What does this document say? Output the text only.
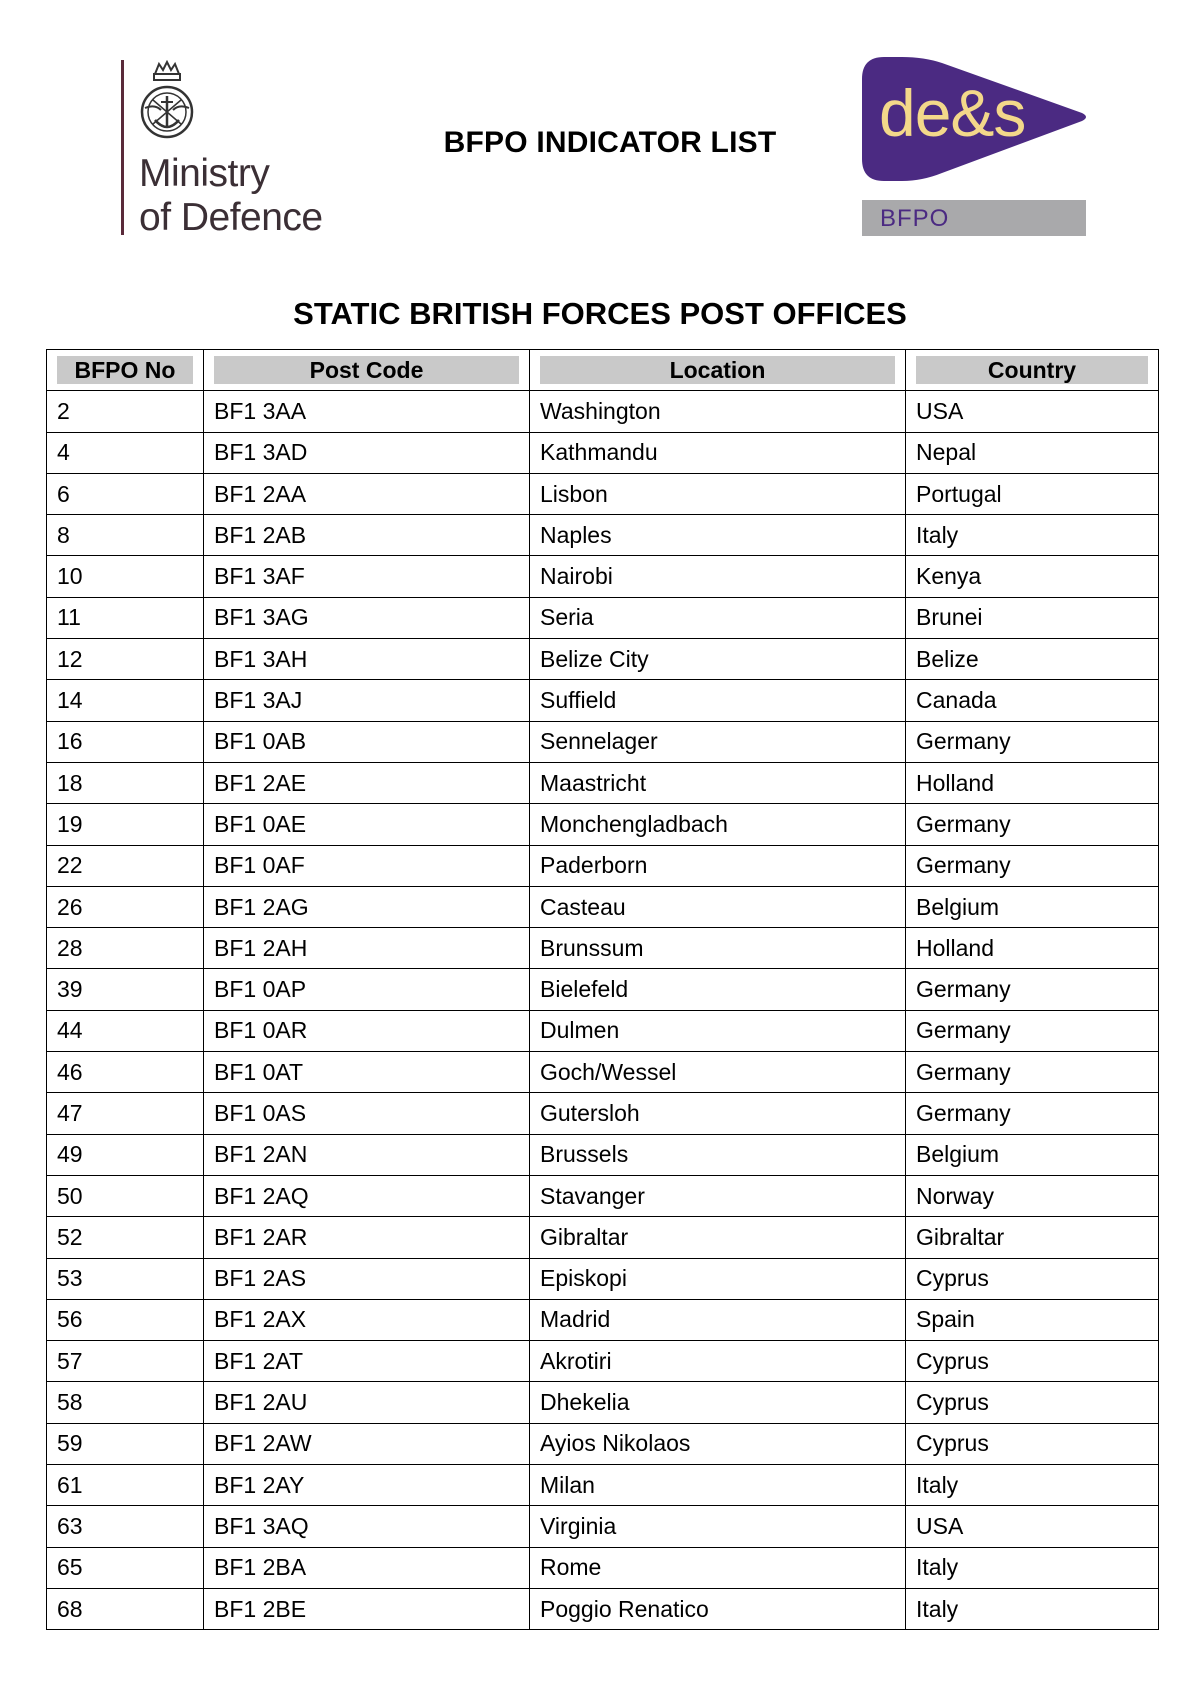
Ministry
of Defence
BFPO INDICATOR LIST	de&s
BFPO
STATIC BRITISH FORCES POST OFFICES
BFPO No	Post Code	Location	Country

2	BF1 3AA	Washington	USA
4	BF1 3AD	Kathmandu	Nepal
6	BF1 2AA	Lisbon	Portugal
8	BF1 2AB	Naples	Italy
10	BF1 3AF	Nairobi	Kenya
11	BF1 3AG	Seria	Brunei
12	BF1 3AH	Belize City	Belize
14	BF1 3AJ	Suffield	Canada
16	BF1 0AB	Sennelager	Germany
18	BF1 2AE	Maastricht	Holland
19	BF1 0AE	Monchengladbach	Germany
22	BF1 0AF	Paderborn	Germany
26	BF1 2AG	Casteau	Belgium
28	BF1 2AH	Brunssum	Holland
39	BF1 0AP	Bielefeld	Germany
44	BF1 0AR	Dulmen	Germany
46	BF1 0AT	Goch/Wessel	Germany
47	BF1 0AS	Gutersloh	Germany
49	BF1 2AN	Brussels	Belgium
50	BF1 2AQ	Stavanger	Norway
52	BF1 2AR	Gibraltar	Gibraltar
53	BF1 2AS	Episkopi	Cyprus
56	BF1 2AX	Madrid	Spain
57	BF1 2AT	Akrotiri	Cyprus
58	BF1 2AU	Dhekelia	Cyprus
59	BF1 2AW	Ayios Nikolaos	Cyprus
61	BF1 2AY	Milan	Italy
63	BF1 3AQ	Virginia	USA
65	BF1 2BA	Rome	Italy
68	BF1 2BE	Poggio Renatico	Italy
